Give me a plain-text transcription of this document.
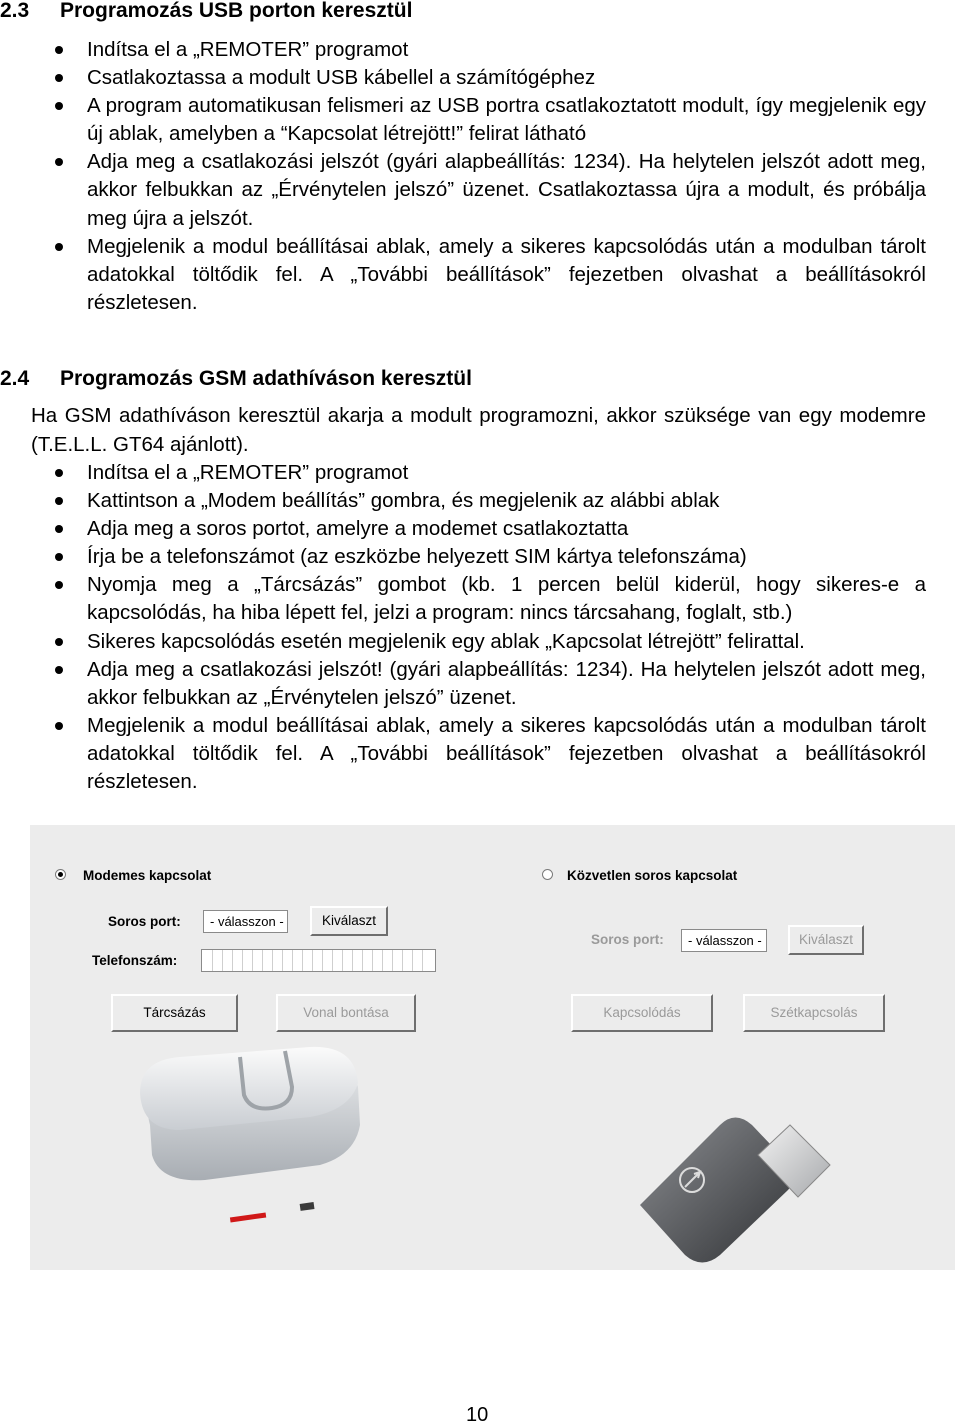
2.3 Programozás USB porton keresztül
Indítsa el a „REMOTER” programot
Csatlakoztassa a modult USB kábellel a számítógéphez
A program automatikusan felismeri az USB portra csatlakoztatott modult, így megjelenik egy új ablak, amelyben a “Kapcsolat létrejött!” felirat látható
Adja meg a csatlakozási jelszót (gyári alapbeállítás: 1234). Ha helytelen jelszót adott meg, akkor felbukkan az „Érvénytelen jelszó” üzenet. Csatlakoztassa újra a modult, és próbálja meg újra a jelszót.
Megjelenik a modul beállításai ablak, amely a sikeres kapcsolódás után a modulban tárolt adatokkal töltődik fel. A „További beállítások” fejezetben olvashat a beállításokról részletesen.
2.4 Programozás GSM adathíváson keresztül

Ha GSM adathíváson keresztül akarja a modult programozni, akkor szüksége van egy modemre (T.E.L.L. GT64 ajánlott).

Indítsa el a „REMOTER” programot
Kattintson a „Modem beállítás” gombra, és megjelenik az alábbi ablak
Adja meg a soros portot, amelyre a modemet csatlakoztatta
Írja be a telefonszámot (az eszközbe helyezett SIM kártya telefonszáma)
Nyomja meg a „Tárcsázás” gombot (kb. 1 percen belül kiderül, hogy sikeres-e a kapcsolódás, ha hiba lépett fel, jelzi a program: nincs tárcsahang, foglalt, stb.)
Sikeres kapcsolódás esetén megjelenik egy ablak „Kapcsolat létrejött” felirattal.
Adja meg a csatlakozási jelszót! (gyári alapbeállítás: 1234). Ha helytelen jelszót adott meg, akkor felbukkan az „Érvénytelen jelszó” üzenet.
Megjelenik a modul beállításai ablak, amely a sikeres kapcsolódás után a modulban tárolt adatokkal töltődik fel. A „További beállítások” fejezetben olvashat a beállításokról részletesen.
Modemes kapcsolat
Soros port:	- válasszon -	Kiválaszt
Telefonszám:
Tárcsázás	Vonal bontása
Közvetlen soros kapcsolat
Soros port:	- válasszon -	Kiválaszt
Kapcsolódás	Szétkapcsolás
10
